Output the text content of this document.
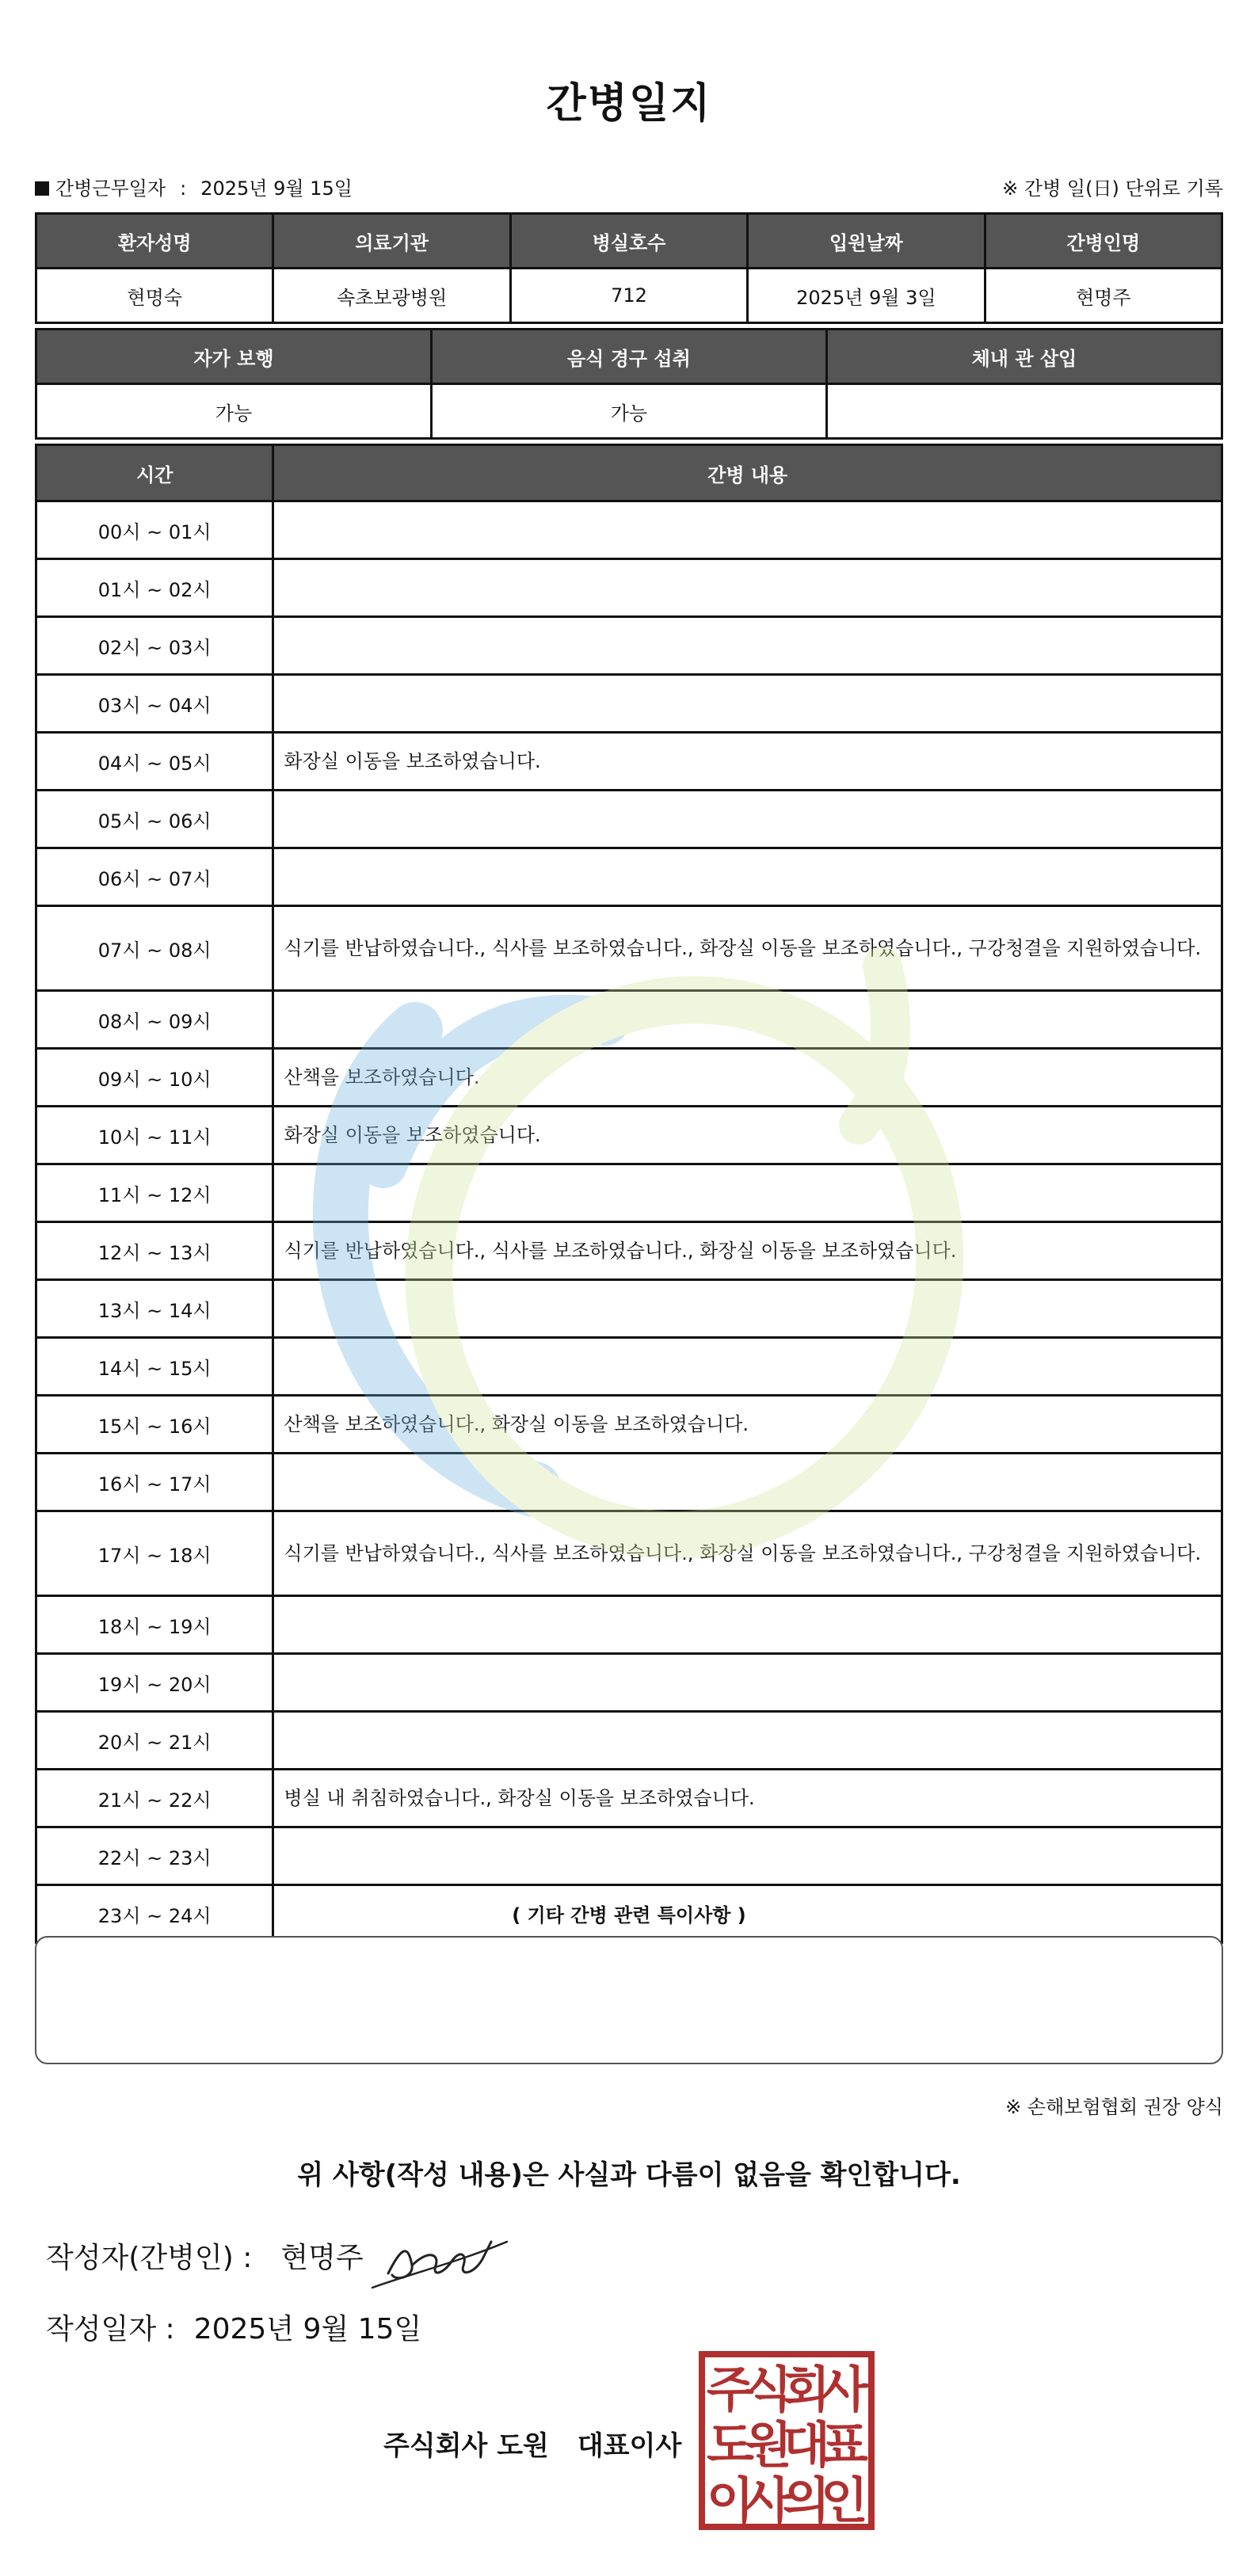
간병일지
간병근무일자 : 2025년 9월 15일	※ 간병 일(日) 단위로 기록
환자성명	의료기관	병실호수	입원날짜	간병인명
현명숙	속초보광병원	712	2025년 9월 3일	현명주
자가 보행	음식 경구 섭취	체내 관 삽입
가능	가능	
시간	간병 내용
00시 ~ 01시	
01시 ~ 02시	
02시 ~ 03시	
03시 ~ 04시	
04시 ~ 05시	화장실 이동을 보조하였습니다.
05시 ~ 06시	
06시 ~ 07시	
07시 ~ 08시	식기를 반납하였습니다., 식사를 보조하였습니다., 화장실 이동을 보조하였습니다., 구강청결을 지원하였습니다.
08시 ~ 09시	
09시 ~ 10시	산책을 보조하였습니다.
10시 ~ 11시	화장실 이동을 보조하였습니다.
11시 ~ 12시	
12시 ~ 13시	식기를 반납하였습니다., 식사를 보조하였습니다., 화장실 이동을 보조하였습니다.
13시 ~ 14시	
14시 ~ 15시	
15시 ~ 16시	산책을 보조하였습니다., 화장실 이동을 보조하였습니다.
16시 ~ 17시	
17시 ~ 18시	식기를 반납하였습니다., 식사를 보조하였습니다., 화장실 이동을 보조하였습니다., 구강청결을 지원하였습니다.
18시 ~ 19시	
19시 ~ 20시	
20시 ~ 21시	
21시 ~ 22시	병실 내 취침하였습니다., 화장실 이동을 보조하였습니다.
22시 ~ 23시	
23시 ~ 24시		( 기타 간병 관련 특이사항 )
※ 손해보험협회 권장 양식
위 사항(작성 내용)은 사실과 다름이 없음을 확인합니다.
작성자(간병인) : 현명주
작성일자 : 2025년 9월 15일
주식회사 도원 대표이사
주
식
회
사
도
원
대
표
이
사
의
인
